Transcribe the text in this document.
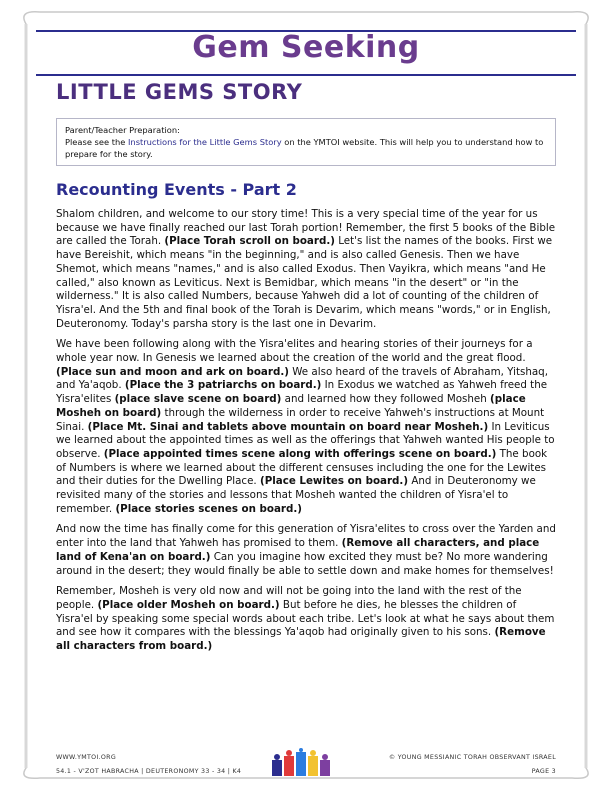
Gem Seeking
LITTLE GEMS STORY
Parent/Teacher Preparation:
Please see the Instructions for the Little Gems Story on the YMTOI website. This will help you to understand how to prepare for the story.
Recounting Events - Part 2

Shalom children, and welcome to our story time! This is a very special time of the year for us because we have finally reached our last Torah portion! Remember, the first 5 books of the Bible are called the Torah. (Place Torah scroll on board.) Let's list the names of the books. First we have Bereishit, which means "in the beginning," and is also called Genesis. Then we have Shemot, which means "names," and is also called Exodus. Then Vayikra, which means "and He called," also known as Leviticus. Next is Bemidbar, which means "in the desert" or "in the wilderness." It is also called Numbers, because Yahweh did a lot of counting of the children of Yisra'el. And the 5th and final book of the Torah is Devarim, which means "words," or in English, Deuteronomy. Today's parsha story is the last one in Devarim.

We have been following along with the Yisra'elites and hearing stories of their journeys for a whole year now. In Genesis we learned about the creation of the world and the great flood. (Place sun and moon and ark on board.) We also heard of the travels of Abraham, Yitshaq, and Ya'aqob. (Place the 3 patriarchs on board.) In Exodus we watched as Yahweh freed the Yisra'elites (place slave scene on board) and learned how they followed Mosheh (place Mosheh on board) through the wilderness in order to receive Yahweh's instructions at Mount Sinai. (Place Mt. Sinai and tablets above mountain on board near Mosheh.) In Leviticus we learned about the appointed times as well as the offerings that Yahweh wanted His people to observe. (Place appointed times scene along with offerings scene on board.) The book of Numbers is where we learned about the different censuses including the one for the Lewites and their duties for the Dwelling Place. (Place Lewites on board.) And in Deuteronomy we revisited many of the stories and lessons that Mosheh wanted the children of Yisra'el to remember. (Place stories scenes on board.)

And now the time has finally come for this generation of Yisra'elites to cross over the Yarden and enter into the land that Yahweh has promised to them. (Remove all characters, and place land of Kena'an on board.) Can you imagine how excited they must be? No more wandering around in the desert; they would finally be able to settle down and make homes for themselves!

Remember, Mosheh is very old now and will not be going into the land with the rest of the people. (Place older Mosheh on board.) But before he dies, he blesses the children of Yisra'el by speaking some special words about each tribe. Let's look at what he says about them and see how it compares with the blessings Ya'aqob had originally given to his sons. (Remove all characters from board.)

WWW.YMTOI.ORG
54.1 - V'ZOT HABRACHA | DEUTERONOMY 33 - 34 | K4
© YOUNG MESSIANIC TORAH OBSERVANT ISRAEL
PAGE 3
